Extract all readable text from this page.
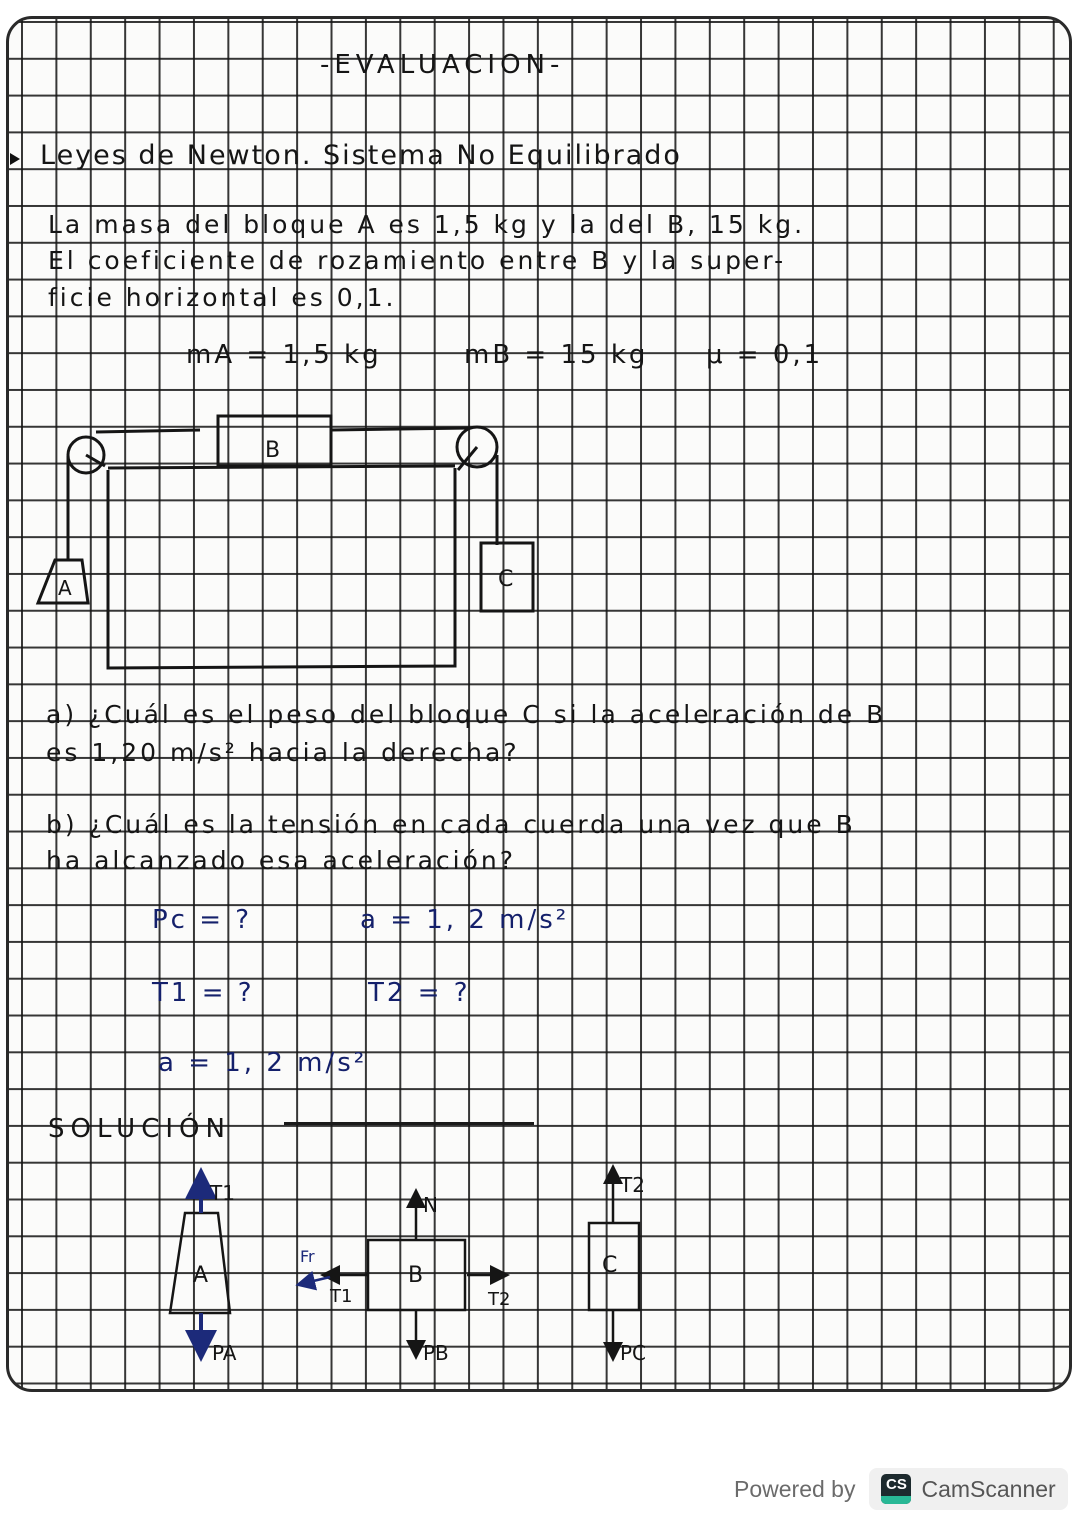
-EVALUACION-
Leyes de Newton. Sistema No Equilibrado
La masa del bloque A es 1,5 kg y la del B, 15 kg.
El coeficiente de rozamiento entre B y la super-
ficie horizontal es 0,1.
mA = 1,5 kg	mB = 15 kg μ = 0,1
A
B
C
a) ¿Cuál es el peso del bloque C si la aceleración de B
es 1,20 m/s² hacia la derecha?
b) ¿Cuál es la tensión en cada cuerda una vez que B
ha alcanzado esa aceleración?
Pc = ?	a = 1, 2 m/s²
T1 = ?	T2 = ?
a = 1, 2 m/s²
SOLUCIÓN
A
T1
PA
B
N
PB
Fr
T1	T2
C
T2
PC
Powered by	CS CamScanner
